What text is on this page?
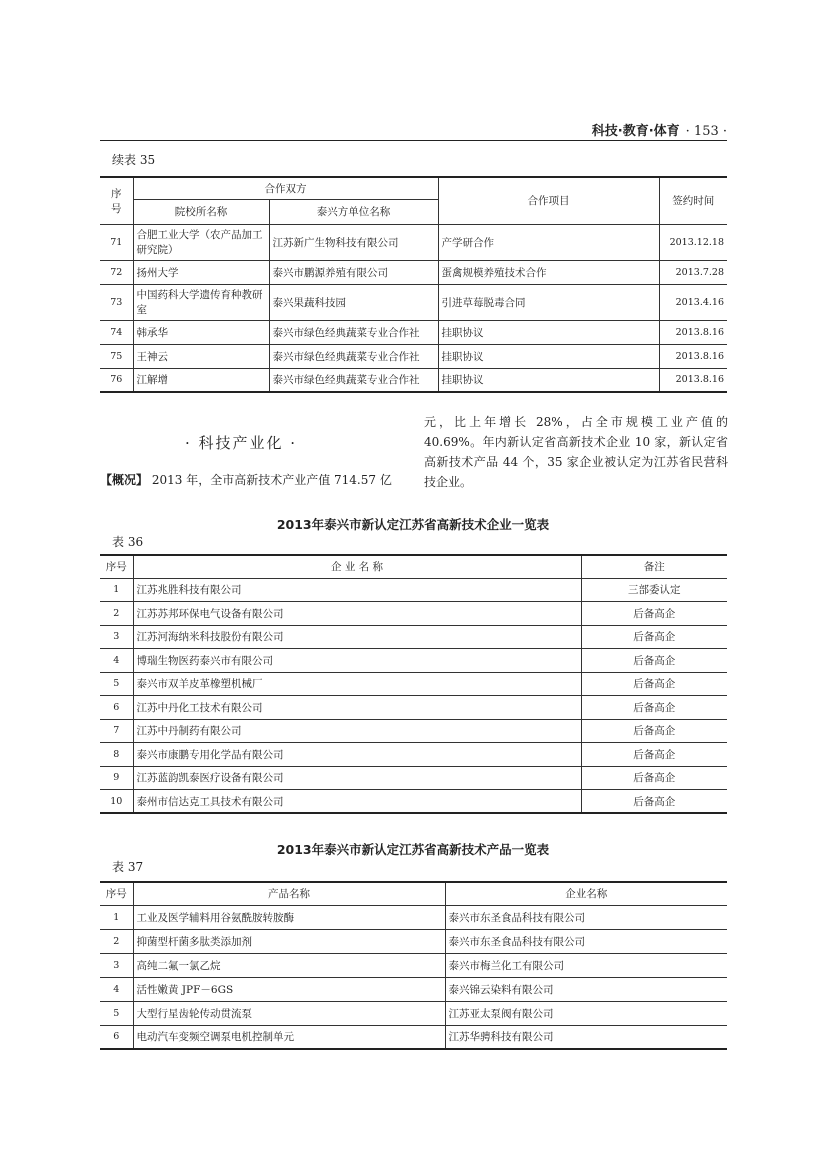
科技·教育·体育 · 153 ·
续表 35
序
号	合作双方		合作项目	签约时间
	院校所名称	泰兴方单位名称		
71	合肥工业大学（农产品加工研究院）	江苏新广生物科技有限公司	产学研合作	2013.12.18
72	扬州大学	泰兴市鹏源养殖有限公司	蛋禽规模养殖技术合作	2013.7.28
73	中国药科大学遗传育种教研室	泰兴果蔬科技园	引进草莓脱毒合同	2013.4.16
74	韩承华	泰兴市绿色经典蔬菜专业合作社	挂职协议	2013.8.16
75	王神云	泰兴市绿色经典蔬菜专业合作社	挂职协议	2013.8.16
76	江解增	泰兴市绿色经典蔬菜专业合作社	挂职协议	2013.8.16
· 科技产业化 ·
【概况】 2013 年，全市高新技术产业产值 714.57 亿
元，比上年增长 28%，占全市规模工业产值的 40.69%。年内新认定省高新技术企业 10 家，新认定省高新技术产品 44 个，35 家企业被认定为江苏省民营科技企业。
2013年泰兴市新认定江苏省高新技术企业一览表
表 36
序号	企 业 名 称	备注
1	江苏兆胜科技有限公司	三部委认定
2	江苏苏邦环保电气设备有限公司	后备高企
3	江苏河海纳米科技股份有限公司	后备高企
4	博瑞生物医药泰兴市有限公司	后备高企
5	泰兴市双羊皮革橡塑机械厂	后备高企
6	江苏中丹化工技术有限公司	后备高企
7	江苏中丹制药有限公司	后备高企
8	泰兴市康鹏专用化学品有限公司	后备高企
9	江苏蓝韵凯泰医疗设备有限公司	后备高企
10	泰州市信达克工具技术有限公司	后备高企
2013年泰兴市新认定江苏省高新技术产品一览表
表 37
序号	产品名称	企业名称
1	工业及医学辅料用谷氨酰胺转胺酶	泰兴市东圣食品科技有限公司
2	抑菌型杆菌多肽类添加剂	泰兴市东圣食品科技有限公司
3	高纯二氟一氯乙烷	泰兴市梅兰化工有限公司
4	活性嫩黄 JPF－6GS	泰兴锦云染料有限公司
5	大型行星齿轮传动贯流泵	江苏亚太泵阀有限公司
6	电动汽车变频空调泵电机控制单元	江苏华骋科技有限公司
